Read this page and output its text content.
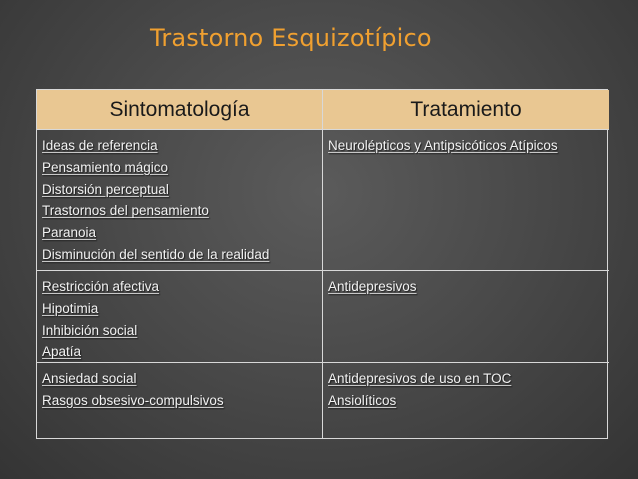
Trastorno Esquizotípico
Sintomatología	Tratamiento
Ideas de referencia
Pensamiento mágico
Distorsión perceptual
Trastornos del pensamiento
Paranoia
Disminución del sentido de la realidad
Neurolépticos y Antipsicóticos Atípicos
Restricción afectiva
Hipotimia
Inhibición social
Apatía
Antidepresivos
Ansiedad social
Rasgos obsesivo-compulsivos
Antidepresivos de uso en TOC
Ansiolíticos
